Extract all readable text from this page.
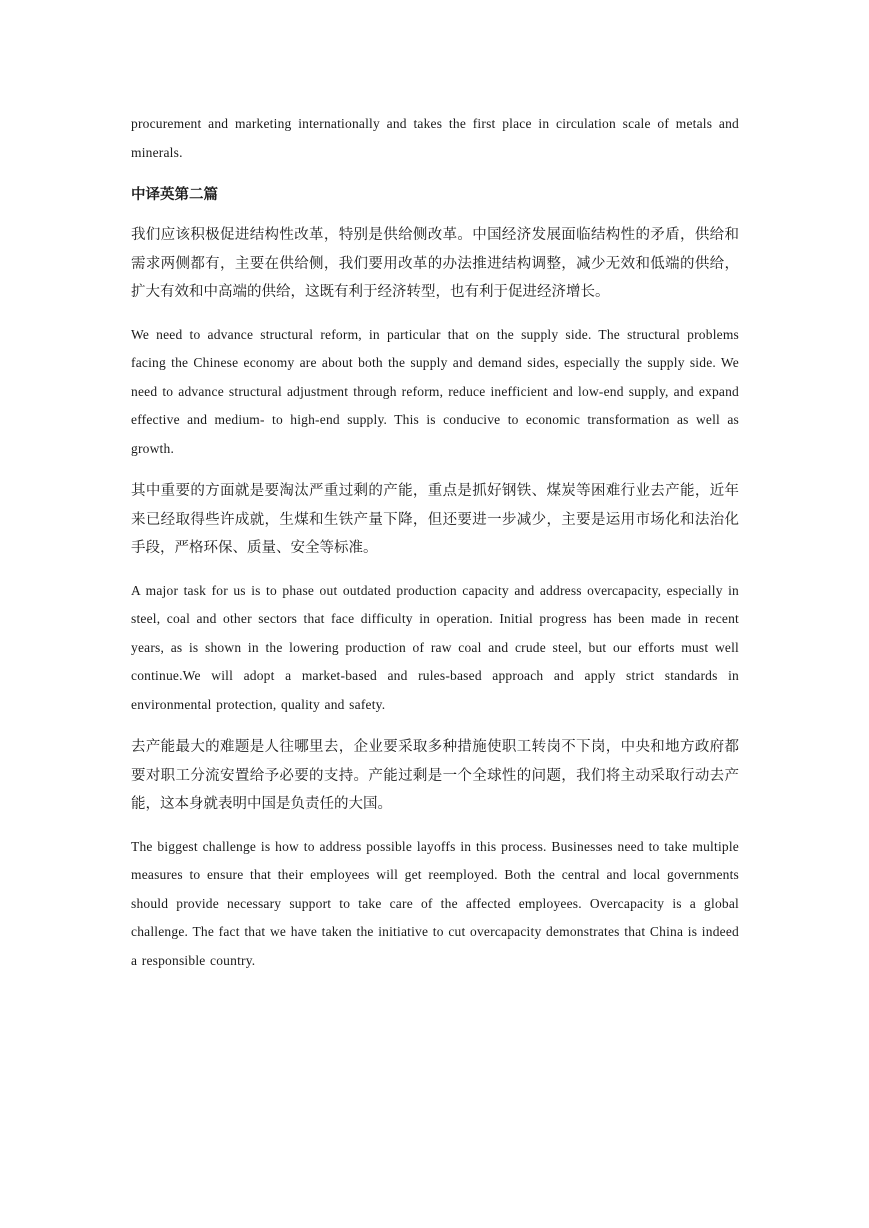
procurement and marketing internationally and takes the first place in circulation scale of metals and minerals.

中译英第二篇

我们应该积极促进结构性改革，特别是供给侧改革。中国经济发展面临结构性的矛盾，供给和需求两侧都有，主要在供给侧，我们要用改革的办法推进结构调整，减少无效和低端的供给，扩大有效和中高端的供给，这既有利于经济转型，也有利于促进经济增长。

We need to advance structural reform, in particular that on the supply side. The structural problems facing the Chinese economy are about both the supply and demand sides, especially the supply side. We need to advance structural adjustment through reform, reduce inefficient and low-end supply, and expand effective and medium- to high-end supply. This is conducive to economic transformation as well as growth.

其中重要的方面就是要淘汰严重过剩的产能，重点是抓好钢铁、煤炭等困难行业去产能，近年来已经取得些许成就，生煤和生铁产量下降，但还要进一步减少，主要是运用市场化和法治化手段，严格环保、质量、安全等标准。

A major task for us is to phase out outdated production capacity and address overcapacity, especially in steel, coal and other sectors that face difficulty in operation. Initial progress has been made in recent years, as is shown in the lowering production of raw coal and crude steel, but our efforts must well continue.We will adopt a market-based and rules-based approach and apply strict standards in environmental protection, quality and safety.

去产能最大的难题是人往哪里去，企业要采取多种措施使职工转岗不下岗，中央和地方政府都要对职工分流安置给予必要的支持。产能过剩是一个全球性的问题，我们将主动采取行动去产能，这本身就表明中国是负责任的大国。

The biggest challenge is how to address possible layoffs in this process. Businesses need to take multiple measures to ensure that their employees will get reemployed. Both the central and local governments should provide necessary support to take care of the affected employees. Overcapacity is a global challenge. The fact that we have taken the initiative to cut overcapacity demonstrates that China is indeed a responsible country.
